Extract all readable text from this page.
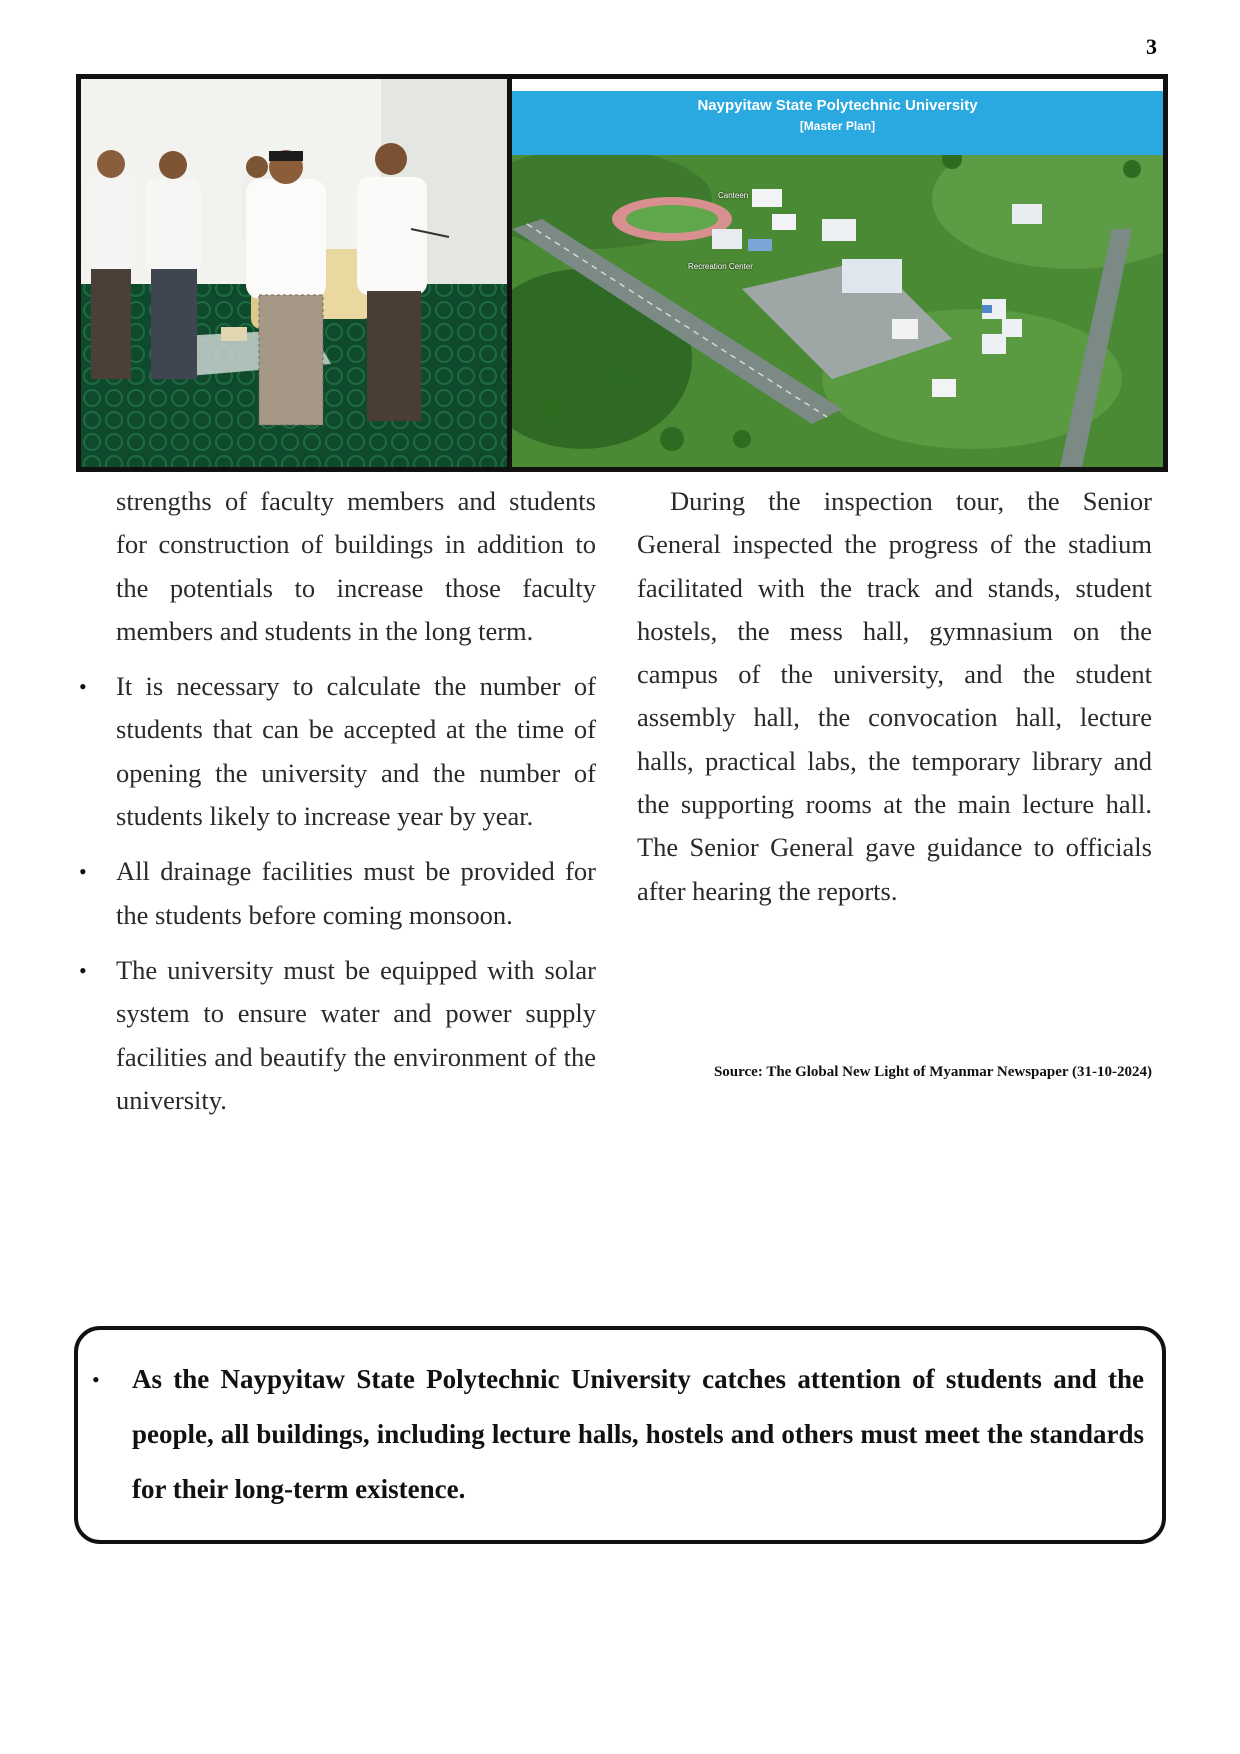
3
Naypyitaw State Polytechnic University
[Master Plan]
Canteen
Recreation Center

strengths of faculty members and students for construction of buildings in addition to the potentials to increase those faculty members and students in the long term.

• It is necessary to calculate the number of students that can be accepted at the time of opening the university and the number of students likely to increase year by year.

• All drainage facilities must be provided for the students before coming monsoon.

• The university must be equipped with solar system to ensure water and power supply facilities and beautify the environment of the university.

During the inspection tour, the Senior General inspected the progress of the stadium facilitated with the track and stands, student hostels, the mess hall, gymnasium on the campus of the university, and the student assembly hall, the convocation hall, lecture halls, practical labs, the temporary library and the supporting rooms at the main lecture hall. The Senior General gave guidance to officials after hearing the reports.

Source: The Global New Light of Myanmar Newspaper (31-10-2024)
• As the Naypyitaw State Polytechnic University catches attention of students and the people, all buildings, including lecture halls, hostels and others must meet the standards for their long-term existence.
